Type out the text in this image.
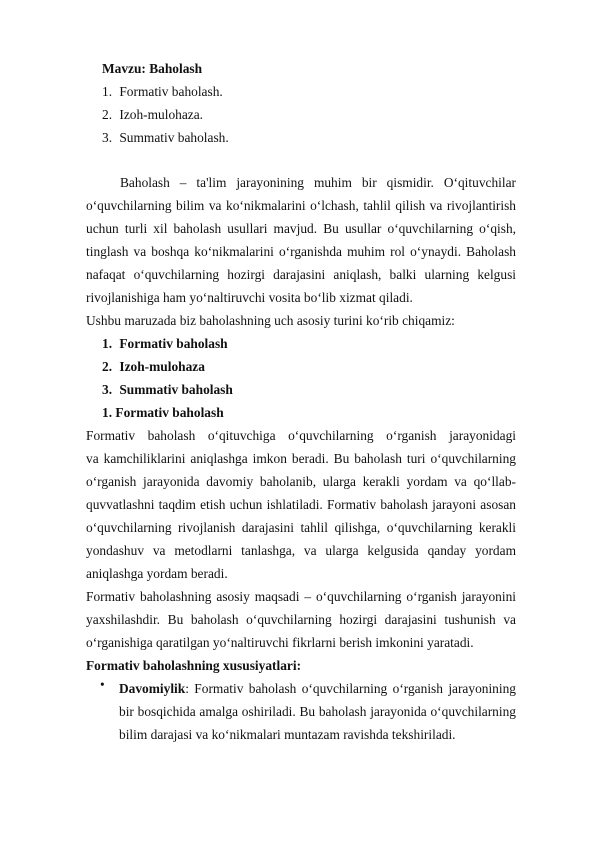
Mavzu: Baholash
1. Formativ baholash.
2. Izoh-mulohaza.
3. Summativ baholash.
Baholash – ta'lim jarayonining muhim bir qismidir. O‘qituvchilar
o‘quvchilarning bilim va ko‘nikmalarini o‘lchash, tahlil qilish va rivojlantirish
uchun turli xil baholash usullari mavjud. Bu usullar o‘quvchilarning o‘qish,
tinglash va boshqa ko‘nikmalarini o‘rganishda muhim rol o‘ynaydi. Baholash
nafaqat o‘quvchilarning hozirgi darajasini aniqlash, balki ularning kelgusi
rivojlanishiga ham yo‘naltiruvchi vosita bo‘lib xizmat qiladi.
Ushbu maruzada biz baholashning uch asosiy turini ko‘rib chiqamiz:
1. Formativ baholash
2. Izoh-mulohaza
3. Summativ baholash
1. Formativ baholash
Formativ baholash o‘qituvchiga o‘quvchilarning o‘rganish jarayonidagi
va kamchiliklarini aniqlashga imkon beradi. Bu baholash turi o‘quvchilarning
o‘rganish jarayonida davomiy baholanib, ularga kerakli yordam va qo‘llab-
quvvatlashni taqdim etish uchun ishlatiladi. Formativ baholash jarayoni asosan
o‘quvchilarning rivojlanish darajasini tahlil qilishga, o‘quvchilarning kerakli
yondashuv va metodlarni tanlashga, va ularga kelgusida qanday yordam
aniqlashga yordam beradi.
Formativ baholashning asosiy maqsadi – o‘quvchilarning o‘rganish jarayonini
yaxshilashdir. Bu baholash o‘quvchilarning hozirgi darajasini tushunish va
o‘rganishiga qaratilgan yo‘naltiruvchi fikrlarni berish imkonini yaratadi.
Formativ baholashning xususiyatlari:
• Davomiylik: Formativ baholash o‘quvchilarning o‘rganish jarayonining
bir bosqichida amalga oshiriladi. Bu baholash jarayonida o‘quvchilarning
bilim darajasi va ko‘nikmalari muntazam ravishda tekshiriladi.
